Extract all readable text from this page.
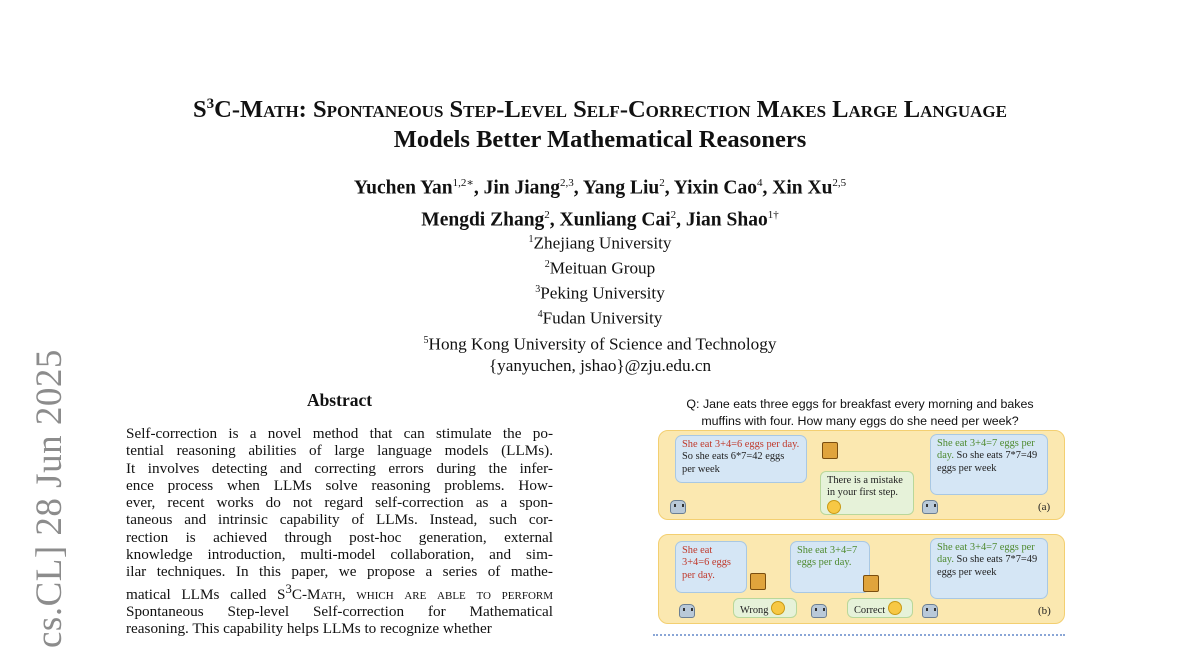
cs.CL] 28 Jun 2025
$S^3C$-Math: Spontaneous Step-Level Self-Correction Makes Large Language
Models Better Mathematical Reasoners
Yuchen Yan$^{1,2∗}$, Jin Jiang$^{2,3}$, Yang Liu$^2$, Yixin Cao$^4$, Xin Xu$^{2,5}$
Mengdi Zhang$^2$, Xunliang Cai$^2$, Jian Shao$^{1\dagger}$
$^1$Zhejiang University
$^2$Meituan Group
$^3$Peking University
$^4$Fudan University
$^5$Hong Kong University of Science and Technology
{yanyuchen, jshao}@zju.edu.cn
Abstract
Self-correction is a novel method that can stimulate the po-
tential reasoning abilities of large language models (LLMs).
It involves detecting and correcting errors during the infer-
ence process when LLMs solve reasoning problems. How-
ever, recent works do not regard self-correction as a spon-
taneous and intrinsic capability of LLMs. Instead, such cor-
rection is achieved through post-hoc generation, external
knowledge introduction, multi-model collaboration, and sim-
ilar techniques. In this paper, we propose a series of mathe-
matical LLMs called $S^3C$-Math, which are able to perform
Spontaneous Step-level Self-correction for Mathematical
reasoning. This capability helps LLMs to recognize whether
Q: Jane eats three eggs for breakfast every morning and bakes
muffins with four. How many eggs do she need per week?
She eat 3+4=6 eggs per day. So she eats 6*7=42 eggs per week
There is a mistake in your first step.
She eat 3+4=7 eggs per day. So she eats 7*7=49 eggs per week
(a)
She eat 3+4=6 eggs per day.
Wrong
She eat 3+4=7 eggs per day.
Correct
She eat 3+4=7 eggs per day. So she eats 7*7=49 eggs per week
(b)
